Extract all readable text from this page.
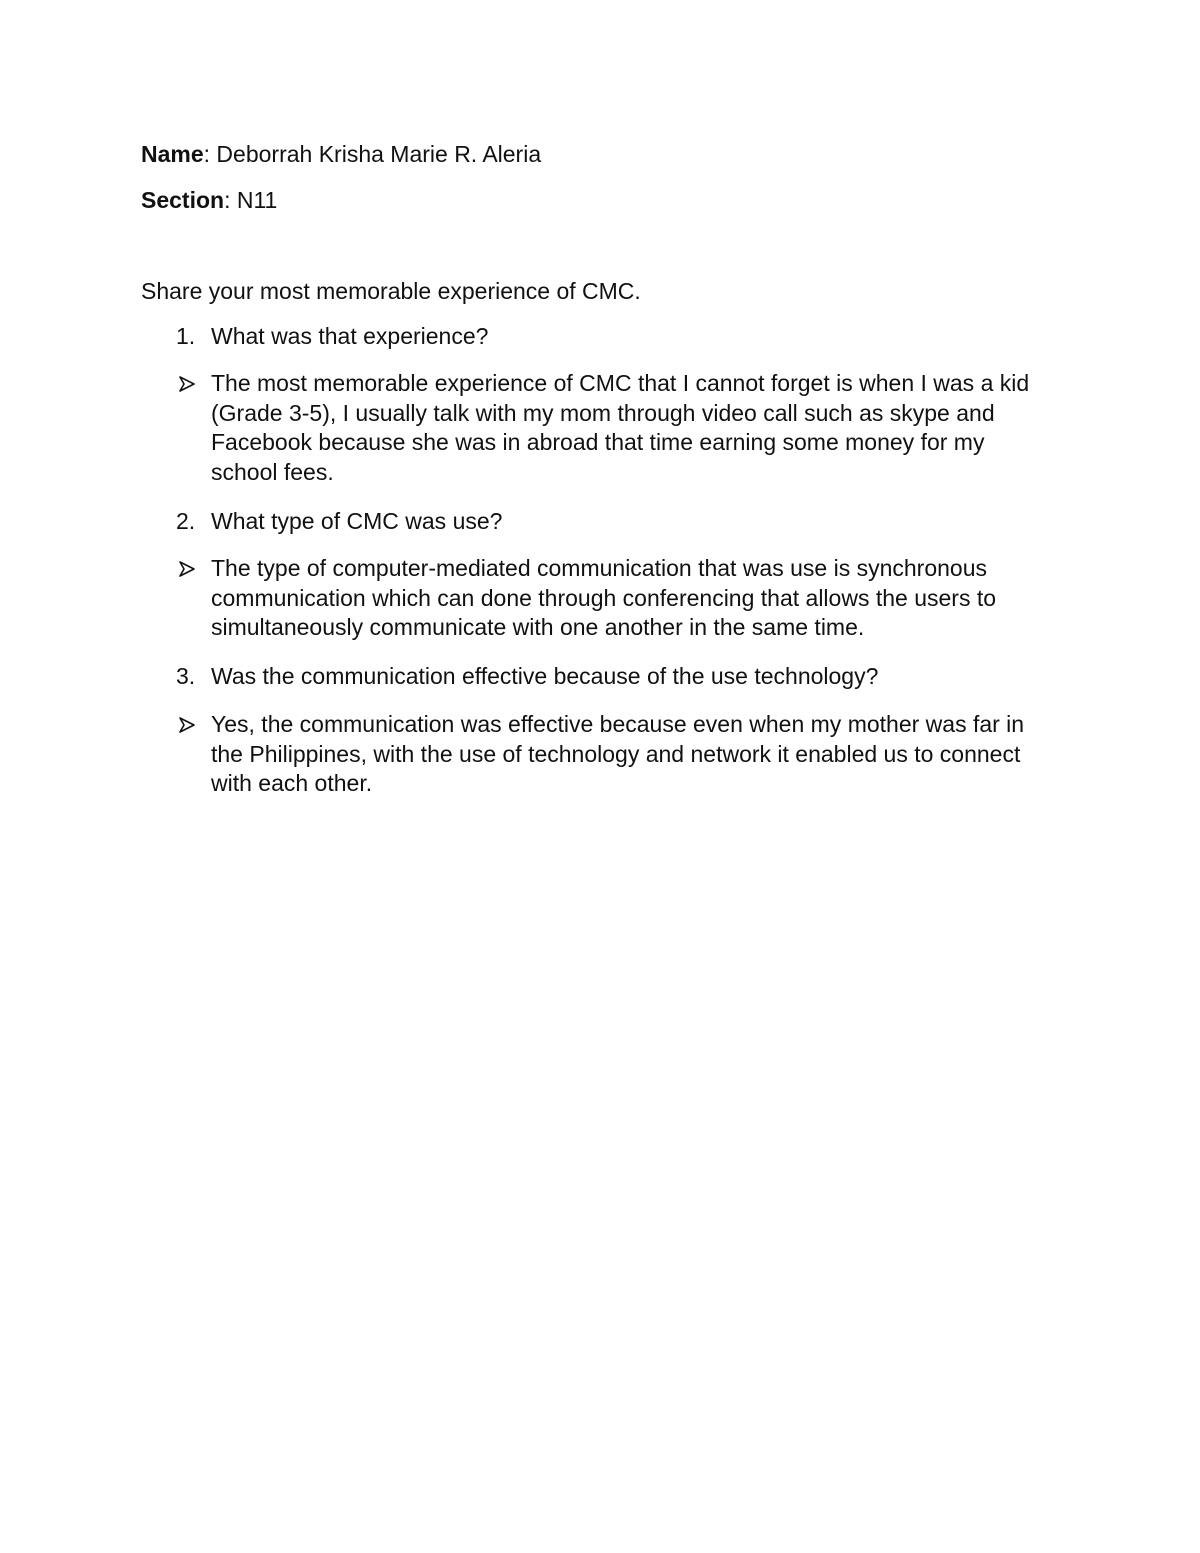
Name: Deborrah Krisha Marie R. Aleria
Section: N11
Share your most memorable experience of CMC.
1. What was that experience?
The most memorable experience of CMC that I cannot forget is when I was a kid
(Grade 3-5), I usually talk with my mom through video call such as skype and
Facebook because she was in abroad that time earning some money for my
school fees.
2. What type of CMC was use?
The type of computer-mediated communication that was use is synchronous
communication which can done through conferencing that allows the users to
simultaneously communicate with one another in the same time.
3. Was the communication effective because of the use technology?
Yes, the communication was effective because even when my mother was far in
the Philippines, with the use of technology and network it enabled us to connect
with each other.
